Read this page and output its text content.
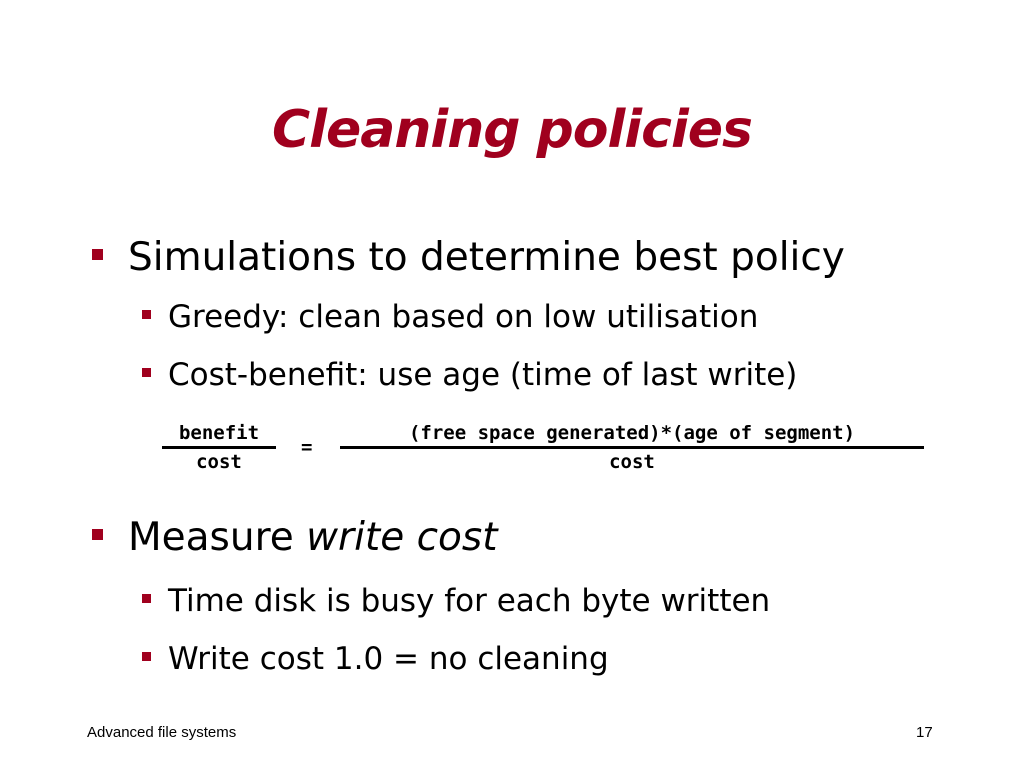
Cleaning policies
Simulations to determine best policy
Greedy: clean based on low utilisation
Cost-benefit: use age (time of last write)
benefit
cost
=
(free space generated)*(age of segment)
cost
Measure write cost
Time disk is busy for each byte written
Write cost 1.0 = no cleaning
Advanced file systems	17
